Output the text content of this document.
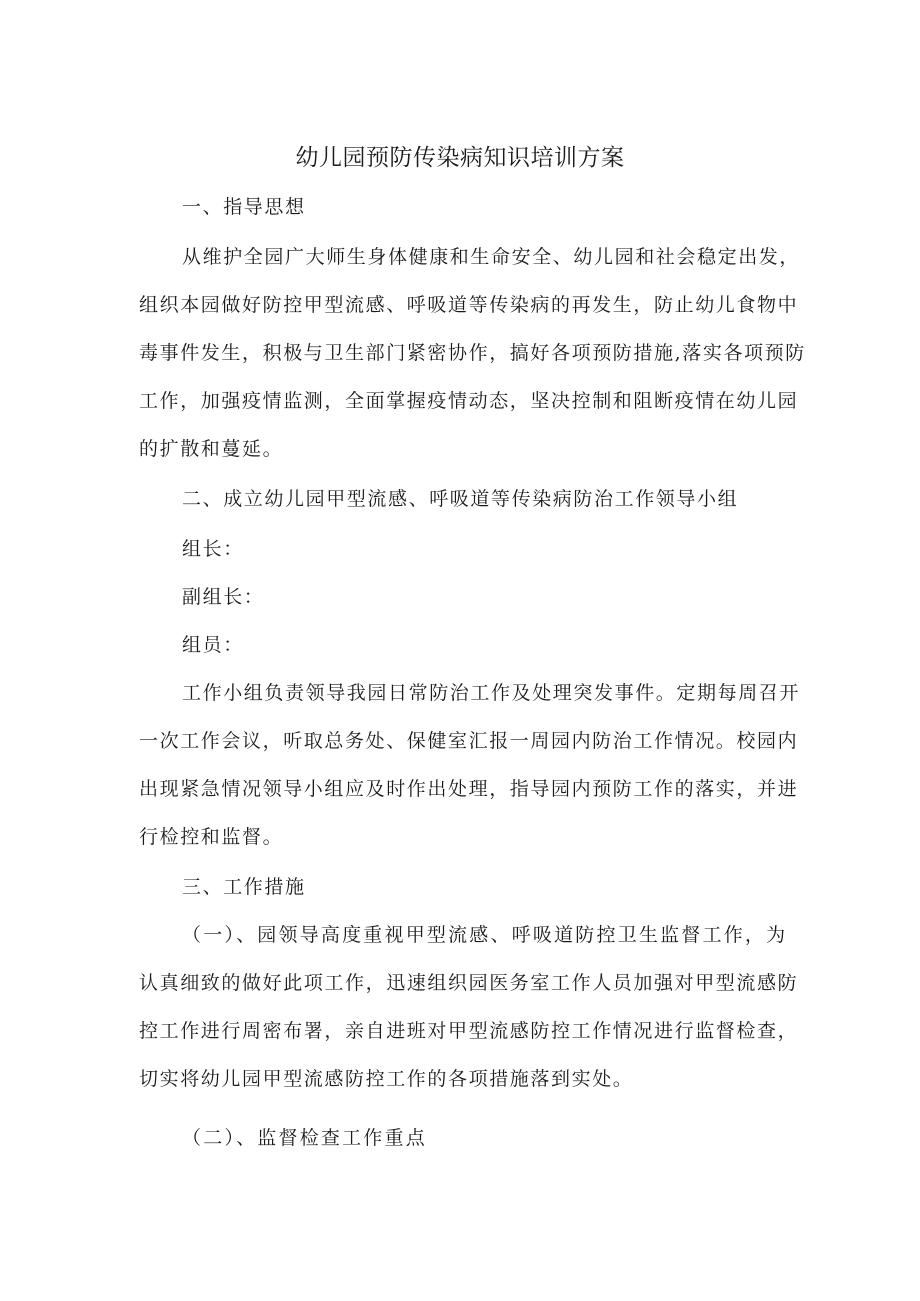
幼儿园预防传染病知识培训方案
一、指导思想
从维护全园广大师生身体健康和生命安全、幼儿园和社会稳定出发，
组织本园做好防控甲型流感、呼吸道等传染病的再发生，防止幼儿食物中
毒事件发生，积极与卫生部门紧密协作，搞好各项预防措施,落实各项预防
工作，加强疫情监测，全面掌握疫情动态，坚决控制和阻断疫情在幼儿园
的扩散和蔓延。
二、成立幼儿园甲型流感、呼吸道等传染病防治工作领导小组
组长：
副组长：
组员：
工作小组负责领导我园日常防治工作及处理突发事件。定期每周召开
一次工作会议，听取总务处、保健室汇报一周园内防治工作情况。校园内
出现紧急情况领导小组应及时作出处理，指导园内预防工作的落实，并进
行检控和监督。
三、工作措施
（一）、园领导高度重视甲型流感、呼吸道防控卫生监督工作，为
认真细致的做好此项工作，迅速组织园医务室工作人员加强对甲型流感防
控工作进行周密布署，亲自进班对甲型流感防控工作情况进行监督检查，
切实将幼儿园甲型流感防控工作的各项措施落到实处。
（二）、监督检查工作重点
